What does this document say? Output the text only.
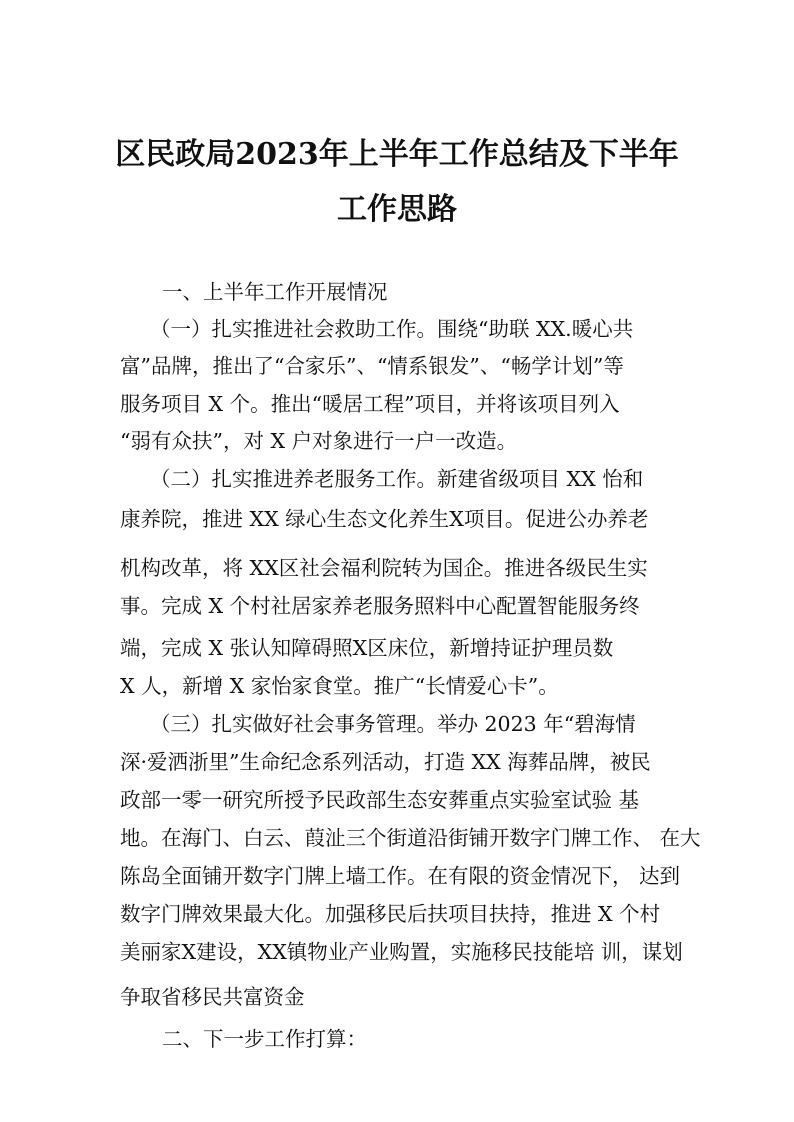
区民政局2023年上半年工作总结及下半年
工作思路
一、上半年工作开展情况
（一）扎实推进社会救助工作。围绕“助联 XX.暖心共
富”品牌，推出了“合家乐”、“情系银发”、“畅学计划”等
服务项目 X 个。推出“暖居工程”项目，并将该项目列入
“弱有众扶”，对 X 户对象进行一户一改造。
（二）扎实推进养老服务工作。新建省级项目 XX 怡和
康养院，推进 XX 绿心生态文化养生X项目。促进公办养老
机构改革，将 XX区社会福利院转为国企。推进各级民生实
事。完成 X 个村社居家养老服务照料中心配置智能服务终
端，完成 X 张认知障碍照X区床位，新增持证护理员数
X 人，新增 X 家怡家食堂。推广“长情爱心卡”。
（三）扎实做好社会事务管理。举办 2023 年“碧海情
深·爱洒浙里”生命纪念系列活动，打造 XX 海葬品牌，被民
政部一零一研究所授予民政部生态安葬重点实验室试验 基
地。在海门、白云、葭沚三个街道沿街铺开数字门牌工作、 在大
陈岛全面铺开数字门牌上墙工作。在有限的资金情况下， 达到
数字门牌效果最大化。加强移民后扶项目扶持，推进 X 个村
美丽家X建设，XX镇物业产业购置，实施移民技能培 训，谋划
争取省移民共富资金
二、下一步工作打算：
